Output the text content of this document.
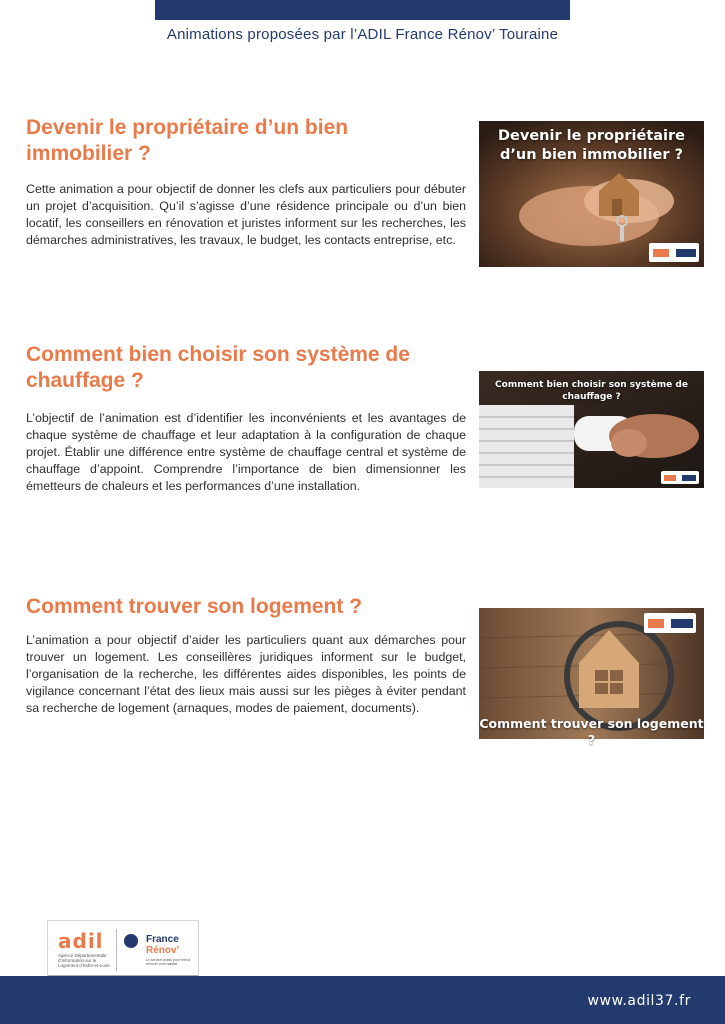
Animations proposées par l’ADIL France Rénov’ Touraine
Devenir le propriétaire d’un bien immobilier ?

Cette animation a pour objectif de donner les clefs aux particuliers pour débuter un projet d’acquisition. Qu’il s’agisse d’une résidence principale ou d’un bien locatif, les conseillers en rénovation et juristes informent sur les recherches, les démarches administratives, les travaux, le budget, les contacts entreprise, etc.

Devenir le propriétaire d’un bien immobilier ?
Comment bien choisir son système de chauffage ?

L’objectif de l’animation est d’identifier les inconvénients et les avantages de chaque système de chauffage et leur adaptation à la configuration de chaque projet. Établir une différence entre système de chauffage central et système de chauffage d’appoint. Comprendre l’importance de bien dimensionner les émetteurs de chaleurs et les performances d’une installation.

Comment bien choisir son système de chauffage ?
Comment trouver son logement ?

L’animation a pour objectif d’aider les particuliers quant aux démarches pour trouver un logement. Les conseillères juridiques informent sur le budget, l’organisation de la recherche, les différentes aides disponibles, les points de vigilance concernant l’état des lieux mais aussi sur les pièges à éviter pendant sa recherche de logement (arnaques, modes de paiement, documents).

Comment trouver son logement ?
adil
Agence Départementale d’Information sur le Logement d’Indre-et-Loire
France
Rénov’
Le service public pour mieux rénover mon habitat
www.adil37.fr
